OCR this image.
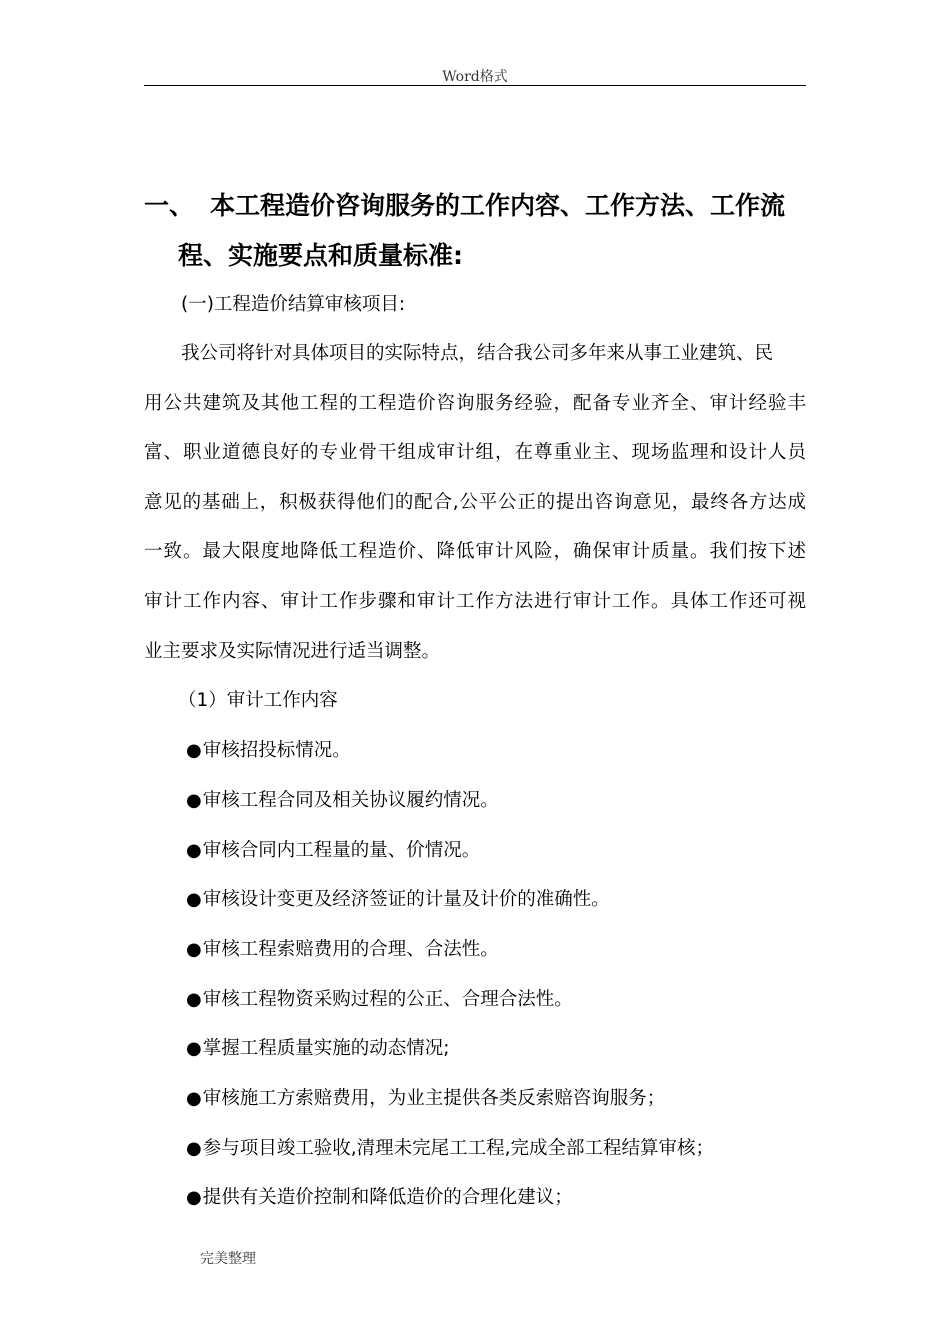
Word格式
一、 本工程造价咨询服务的工作内容、工作方法、工作流
程、实施要点和质量标准:
(一)工程造价结算审核项目:
我公司将针对具体项目的实际特点，结合我公司多年来从事工业建筑、民
用公共建筑及其他工程的工程造价咨询服务经验，配备专业齐全、审计经验丰
富、职业道德良好的专业骨干组成审计组，在尊重业主、现场监理和设计人员
意见的基础上，积极获得他们的配合,公平公正的提出咨询意见，最终各方达成
一致。最大限度地降低工程造价、降低审计风险，确保审计质量。我们按下述
审计工作内容、审计工作步骤和审计工作方法进行审计工作。具体工作还可视
业主要求及实际情况进行适当调整。
（1）审计工作内容
●审核招投标情况。
●审核工程合同及相关协议履约情况。
●审核合同内工程量的量、价情况。
●审核设计变更及经济签证的计量及计价的准确性。
●审核工程索赔费用的合理、合法性。
●审核工程物资采购过程的公正、合理合法性。
●掌握工程质量实施的动态情况;
●审核施工方索赔费用，为业主提供各类反索赔咨询服务；
●参与项目竣工验收,清理未完尾工工程,完成全部工程结算审核；
●提供有关造价控制和降低造价的合理化建议；
完美整理
